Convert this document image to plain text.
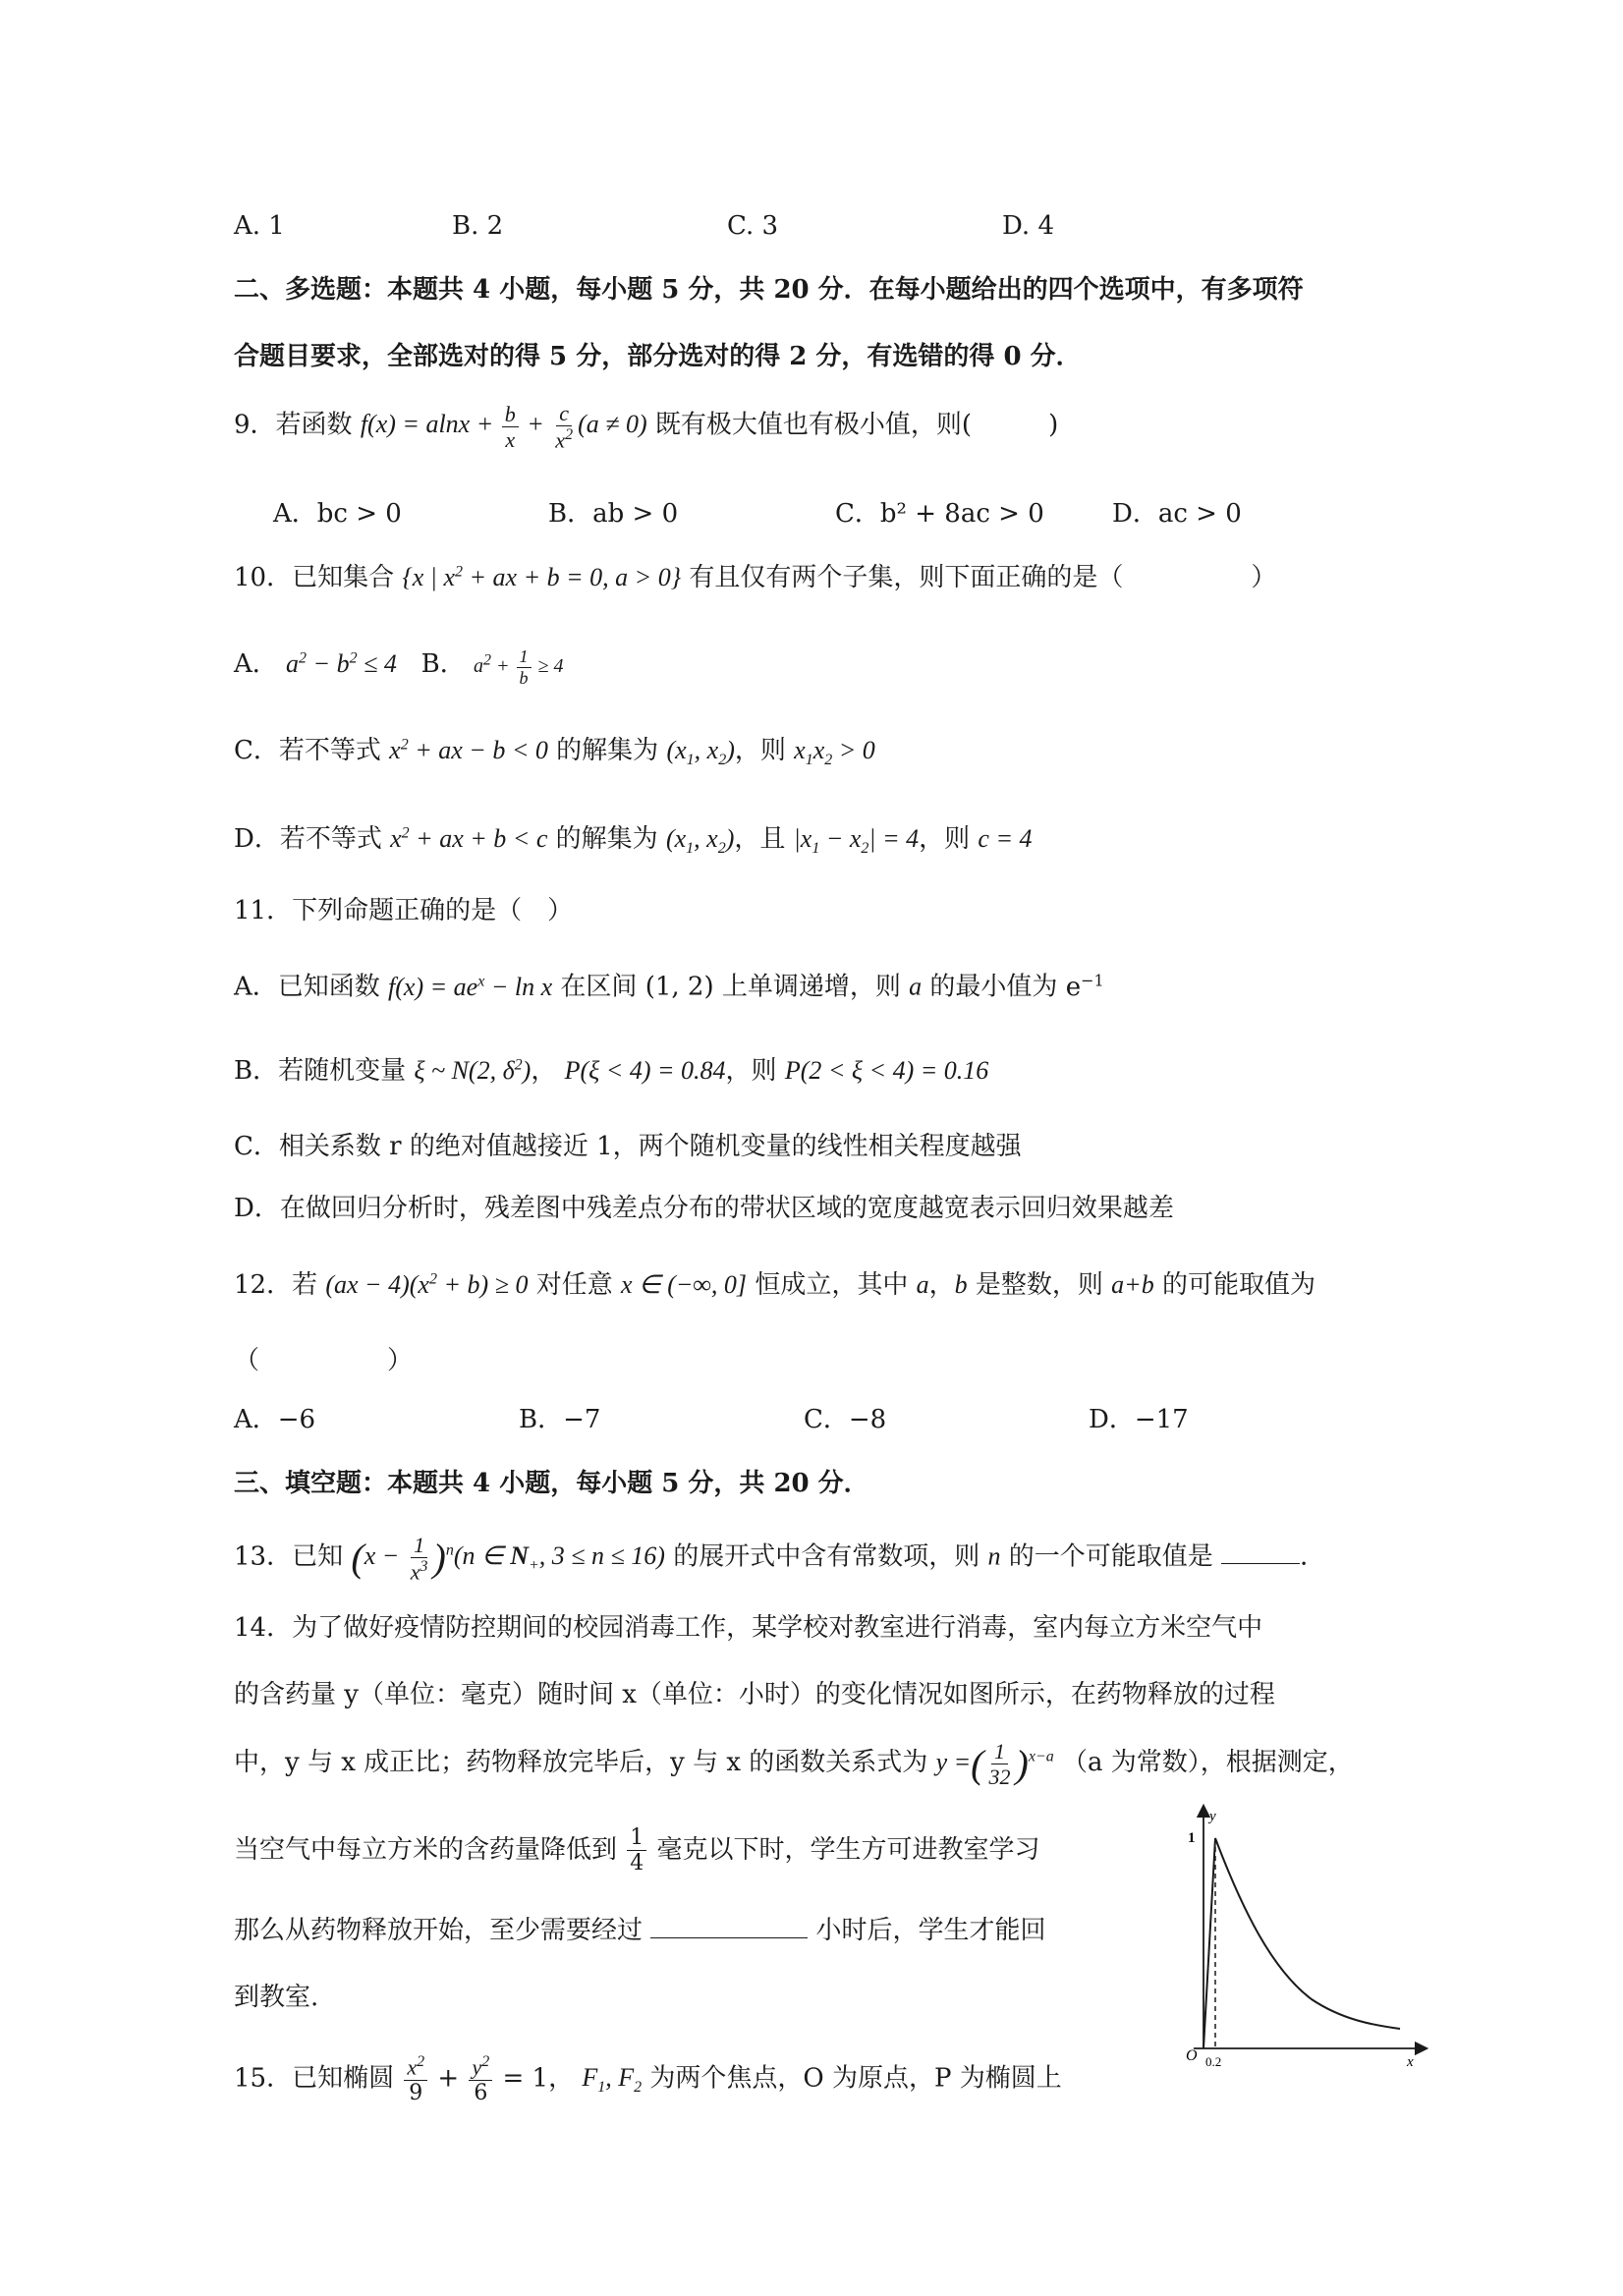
A. 1	B. 2	C. 3	D. 4
二、多选题：本题共 4 小题，每小题 5 分，共 20 分．在每小题给出的四个选项中，有多项符
合题目要求，全部选对的得 5 分，部分选对的得 2 分，有选错的得 0 分．
9．若函数 $f(x) = alnx + \frac{b}{x} + \frac{c}{x^2} (a \ne 0)$ 既有极大值也有极小值，则(　　　)
A．bc > 0	B．ab > 0	C．b² + 8ac > 0	D．ac > 0
10．已知集合 {x | $x^2$ + ax + b = 0, a > 0} 有且仅有两个子集，则下面正确的是（　　　　　）
A． $a^2 - b^2 \le 4$ B． $a^2 + \frac{1}{b} \ge 4$
C．若不等式 $x^2$ + ax − b < 0 的解集为 ($x_1$, $x_2$)，则 $x_1x_2 > 0$
D．若不等式 $x^2$ + ax + b < c 的解集为 ($x_1$, $x_2$)，且 $|x_1 - x_2| = 4$，则 c = 4
11．下列命题正确的是（　）
A．已知函数 $f(x) = ae^x - \ln x$ 在区间 (1, 2) 上单调递增，则 a 的最小值为 $e^{-1}$
B．若随机变量 ξ ~ N(2, $\delta^2$)， P(ξ < 4) = 0.84，则 P(2 < ξ < 4) = 0.16
C．相关系数 r 的绝对值越接近 1，两个随机变量的线性相关程度越强
D．在做回归分析时，残差图中残差点分布的带状区域的宽度越宽表示回归效果越差
12．若 $(ax - 4)(x^2 + b) \ge 0$ 对任意 x ∈ (−∞, 0] 恒成立，其中 a，b 是整数，则 a+b 的可能取值为
（　　　　　）
A．−6	B．−7	C．−8	D．−17
三、填空题：本题共 4 小题，每小题 5 分，共 20 分．
13．已知 $(x - \frac{1}{x^3} )^n(n$ ∈ $N_+$, 3 ≤ n ≤ 16) 的展开式中含有常数项，则 n 的一个可能取值是	．
14．为了做好疫情防控期间的校园消毒工作，某学校对教室进行消毒，室内每立方米空气中
的含药量 y（单位：毫克）随时间 x（单位：小时）的变化情况如图所示，在药物释放的过程
中，y 与 x 成正比；药物释放完毕后，y 与 x 的函数关系式为 y =( $\frac{1}{32} )^{x-a}$ （a 为常数），根据测定，
当空气中每立方米的含药量降低到 $\frac{1}{4}$ 毫克以下时，学生方可进教室学习
那么从药物释放开始，至少需要经过	小时后，学生才能回
到教室.
15．已知椭圆 $\frac{x^2}{9} + \frac{y^2}{6} = 1$， $F_1$, $F_2$ 为两个焦点，O 为原点，P 为椭圆上
y
x
O 0.2
1
